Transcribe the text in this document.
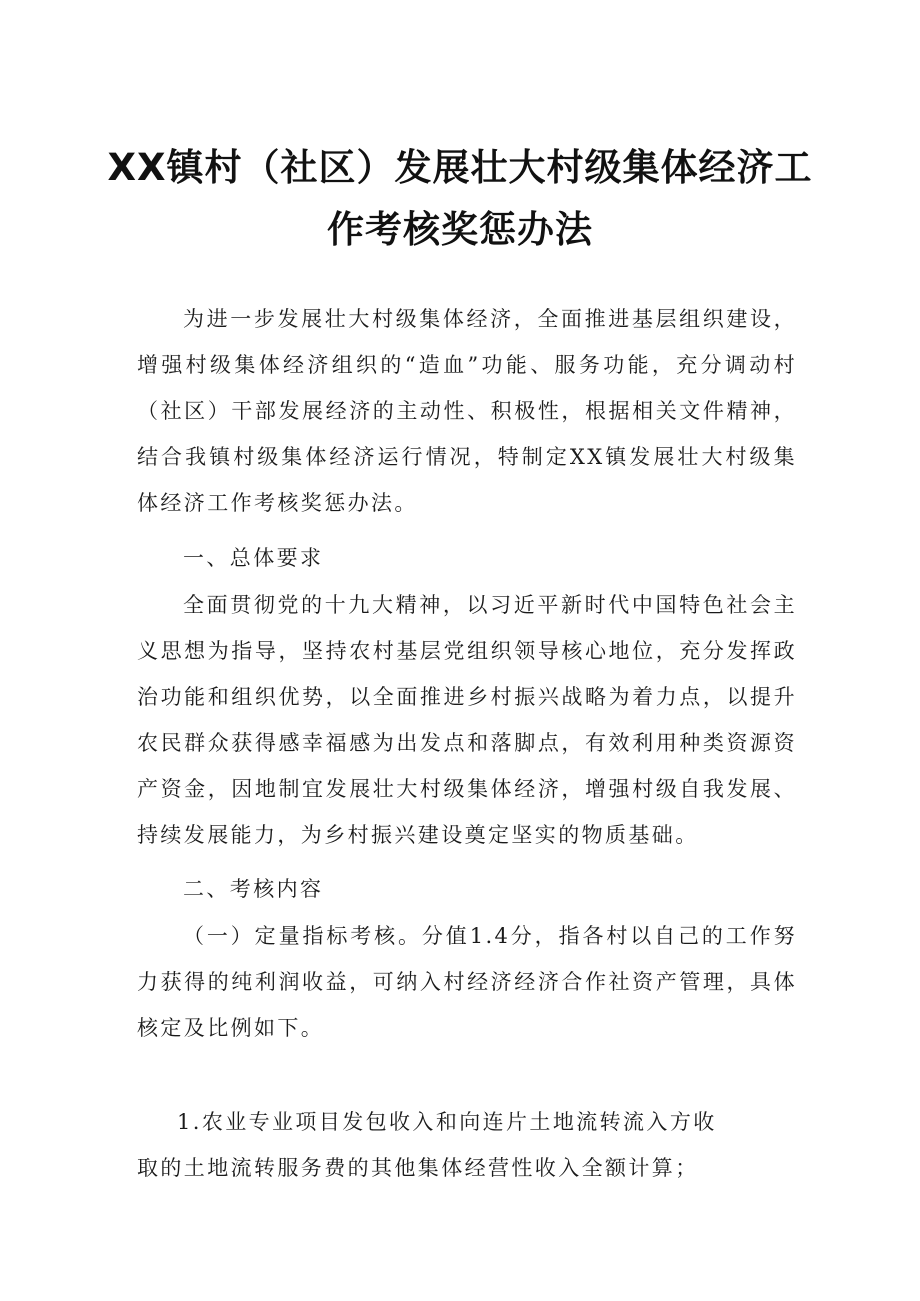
XX镇村（社区）发展壮大村级集体经济工
作考核奖惩办法

为进一步发展壮大村级集体经济，全面推进基层组织建设，增强村级集体经济组织的“造血”功能、服务功能，充分调动村（社区）干部发展经济的主动性、积极性，根据相关文件精神，结合我镇村级集体经济运行情况，特制定XX镇发展壮大村级集体经济工作考核奖惩办法。

一、总体要求

全面贯彻党的十九大精神，以习近平新时代中国特色社会主义思想为指导，坚持农村基层党组织领导核心地位，充分发挥政治功能和组织优势，以全面推进乡村振兴战略为着力点，以提升农民群众获得感幸福感为出发点和落脚点，有效利用种类资源资产资金，因地制宜发展壮大村级集体经济，增强村级自我发展、持续发展能力，为乡村振兴建设奠定坚实的物质基础。

二、考核内容

（一）定量指标考核。分值1.4分，指各村以自己的工作努力获得的纯利润收益，可纳入村经济经济合作社资产管理，具体核定及比例如下。

1.农业专业项目发包收入和向连片土地流转流入方收
取的土地流转服务费的其他集体经营性收入全额计算；
